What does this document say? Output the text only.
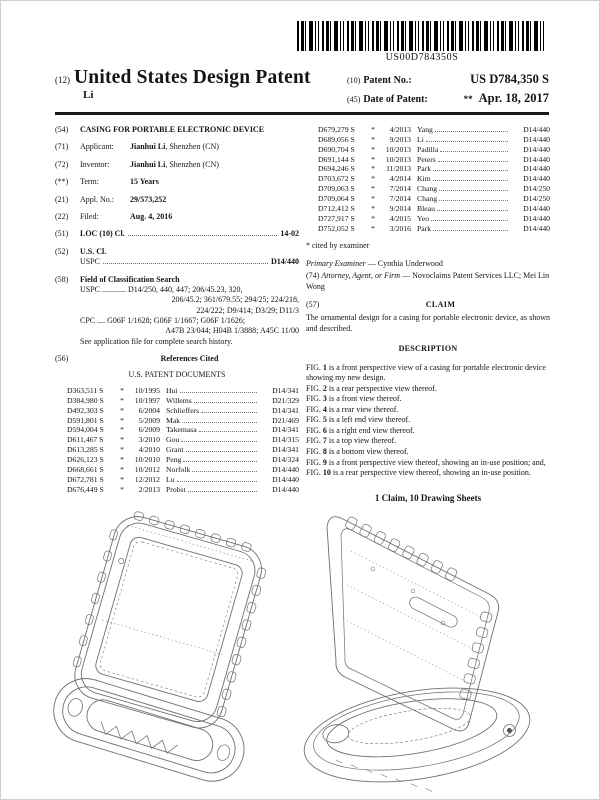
US00D784350S
(12) United States Design Patent
Li
(10) Patent No.:	US D784,350 S
(45) Date of Patent:	** Apr. 18, 2017
(54)	CASING FOR PORTABLE ELECTRONIC DEVICE
(71)	Applicant: Jianhui Li, Shenzhen (CN)
(72)	Inventor:	Jianhui Li, Shenzhen (CN)
(**)	Term:	15 Years
(21)	Appl. No.: 29/573,252
(22)	Filed:	Aug. 4, 2016
(51)	LOC (10) Cl.	14-02
(52)	U.S. Cl.
USPC	D14/440
(58)	Field of Classification Search
USPC ............ D14/250, 440, 447; 206/45.23, 320,
206/45.2; 361/679.55; 294/25; 224/218,
224/222; D9/414; D3/29; D11/3
CPC .... G06F 1/1628; G06F 1/1667; G06F 1/1626;
A47B 23/044; H04B 1/3888; A45C 11/00
See application file for complete search history.
(56)	References Cited
U.S. PATENT DOCUMENTS
D363,511 S	*	10/1995 Hui	D14/341
D384,980 S	*	10/1997 Willems	D21/329
D492,303 S	*	6/2004 Schlieffers	D14/341
D591,801 S	*	5/2009 Mak	D21/469
D594,004 S	*	6/2009 Takemasa	D14/341
D611,467 S	*	3/2010 Gou	D14/315
D613,285 S	*	4/2010 Grant	D14/341
D626,123 S	*	10/2010 Peng	D14/324
D668,661 S	*	10/2012 Norfolk	D14/440
D672,781 S	*	12/2012 Lu	D14/440
D676,449 S	*	2/2013 Probst	D14/440
D679,279 S	*	4/2013 Yang	D14/440
D689,056 S	*	9/2013 Li	D14/440
D690,704 S	*	10/2013 Padilla	D14/440
D691,144 S	*	10/2013 Peters	D14/440
D694,246 S	*	11/2013 Park	D14/440
D703,672 S	*	4/2014 Kim	D14/440
D709,063 S	*	7/2014 Chang	D14/250
D709,064 S	*	7/2014 Chang	D14/250
D712,412 S	*	9/2014 Bleau	D14/440
D727,917 S	*	4/2015 Yeo	D14/440
D752,052 S	*	3/2016 Park	D14/440
* cited by examiner
Primary Examiner — Cynthia Underwood
(74) Attorney, Agent, or Firm — Novoclaims Patent Services LLC; Mei Lin Wong
(57)	CLAIM
The ornamental design for a casing for portable electronic device, as shown and described.
DESCRIPTION
FIG. 1 is a front perspective view of a casing for portable electronic device showing my new design.
FIG. 2 is a rear perspective view thereof.
FIG. 3 is a front view thereof.
FIG. 4 is a rear view thereof.
FIG. 5 is a left end view thereof.
FIG. 6 is a right end view thereof.
FIG. 7 is a top view thereof.
FIG. 8 is a bottom view thereof.
FIG. 9 is a front perspective view thereof, showing an in-use position; and,
FIG. 10 is a rear perspective view thereof, showing an in-use position.
1 Claim, 10 Drawing Sheets
